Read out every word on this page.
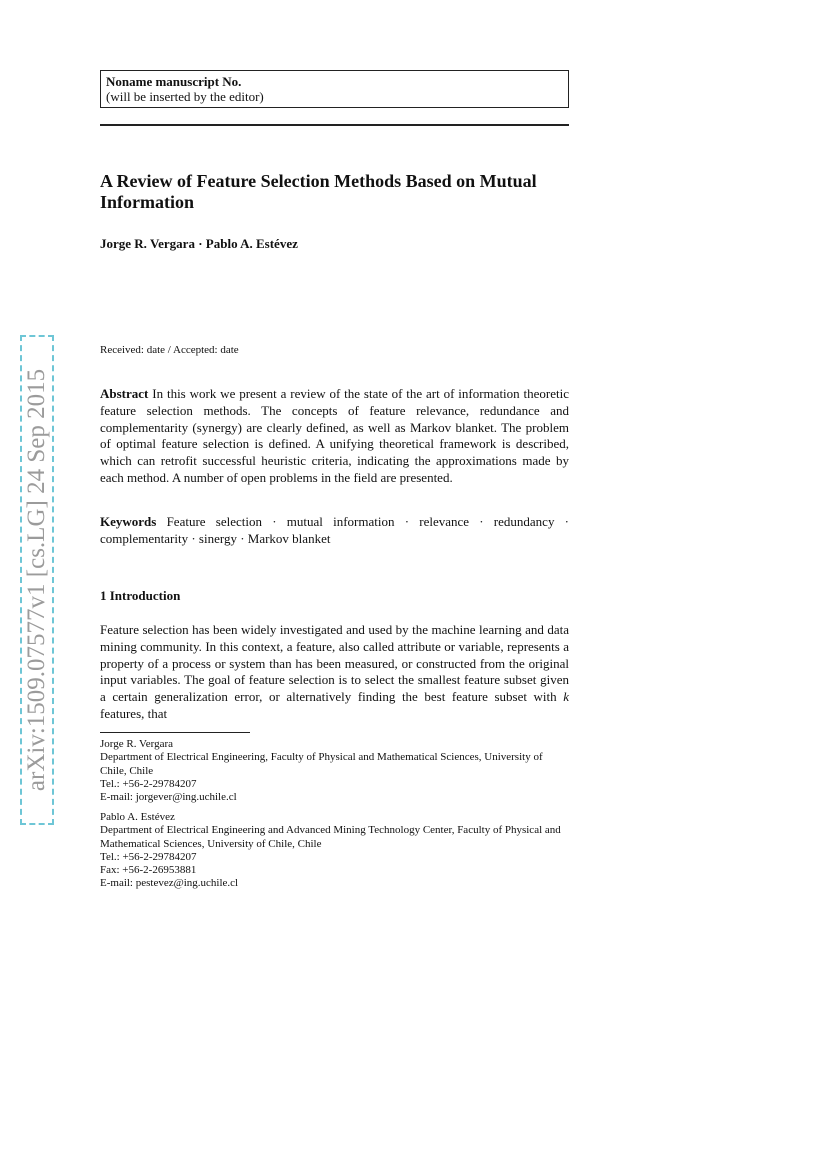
arXiv:1509.07577v1 [cs.LG] 24 Sep 2015
Noname manuscript No.
(will be inserted by the editor)
A Review of Feature Selection Methods Based on Mutual Information
Jorge R. Vergara · Pablo A. Estévez
Received: date / Accepted: date
Abstract In this work we present a review of the state of the art of information theoretic feature selection methods. The concepts of feature relevance, redundance and complementarity (synergy) are clearly defined, as well as Markov blanket. The problem of optimal feature selection is defined. A unifying theoretical framework is described, which can retrofit successful heuristic criteria, indicating the approximations made by each method. A number of open problems in the field are presented.
Keywords Feature selection · mutual information · relevance · redundancy · complementarity · sinergy · Markov blanket
1 Introduction
Feature selection has been widely investigated and used by the machine learning and data mining community. In this context, a feature, also called attribute or variable, represents a property of a process or system than has been measured, or constructed from the original input variables. The goal of feature selection is to select the smallest feature subset given a certain generalization error, or alternatively finding the best feature subset with k features, that
Jorge R. Vergara
Department of Electrical Engineering, Faculty of Physical and Mathematical Sciences, University of Chile, Chile
Tel.: +56-2-29784207
E-mail: jorgever@ing.uchile.cl
Pablo A. Estévez
Department of Electrical Engineering and Advanced Mining Technology Center, Faculty of Physical and Mathematical Sciences, University of Chile, Chile
Tel.: +56-2-29784207
Fax: +56-2-26953881
E-mail: pestevez@ing.uchile.cl
